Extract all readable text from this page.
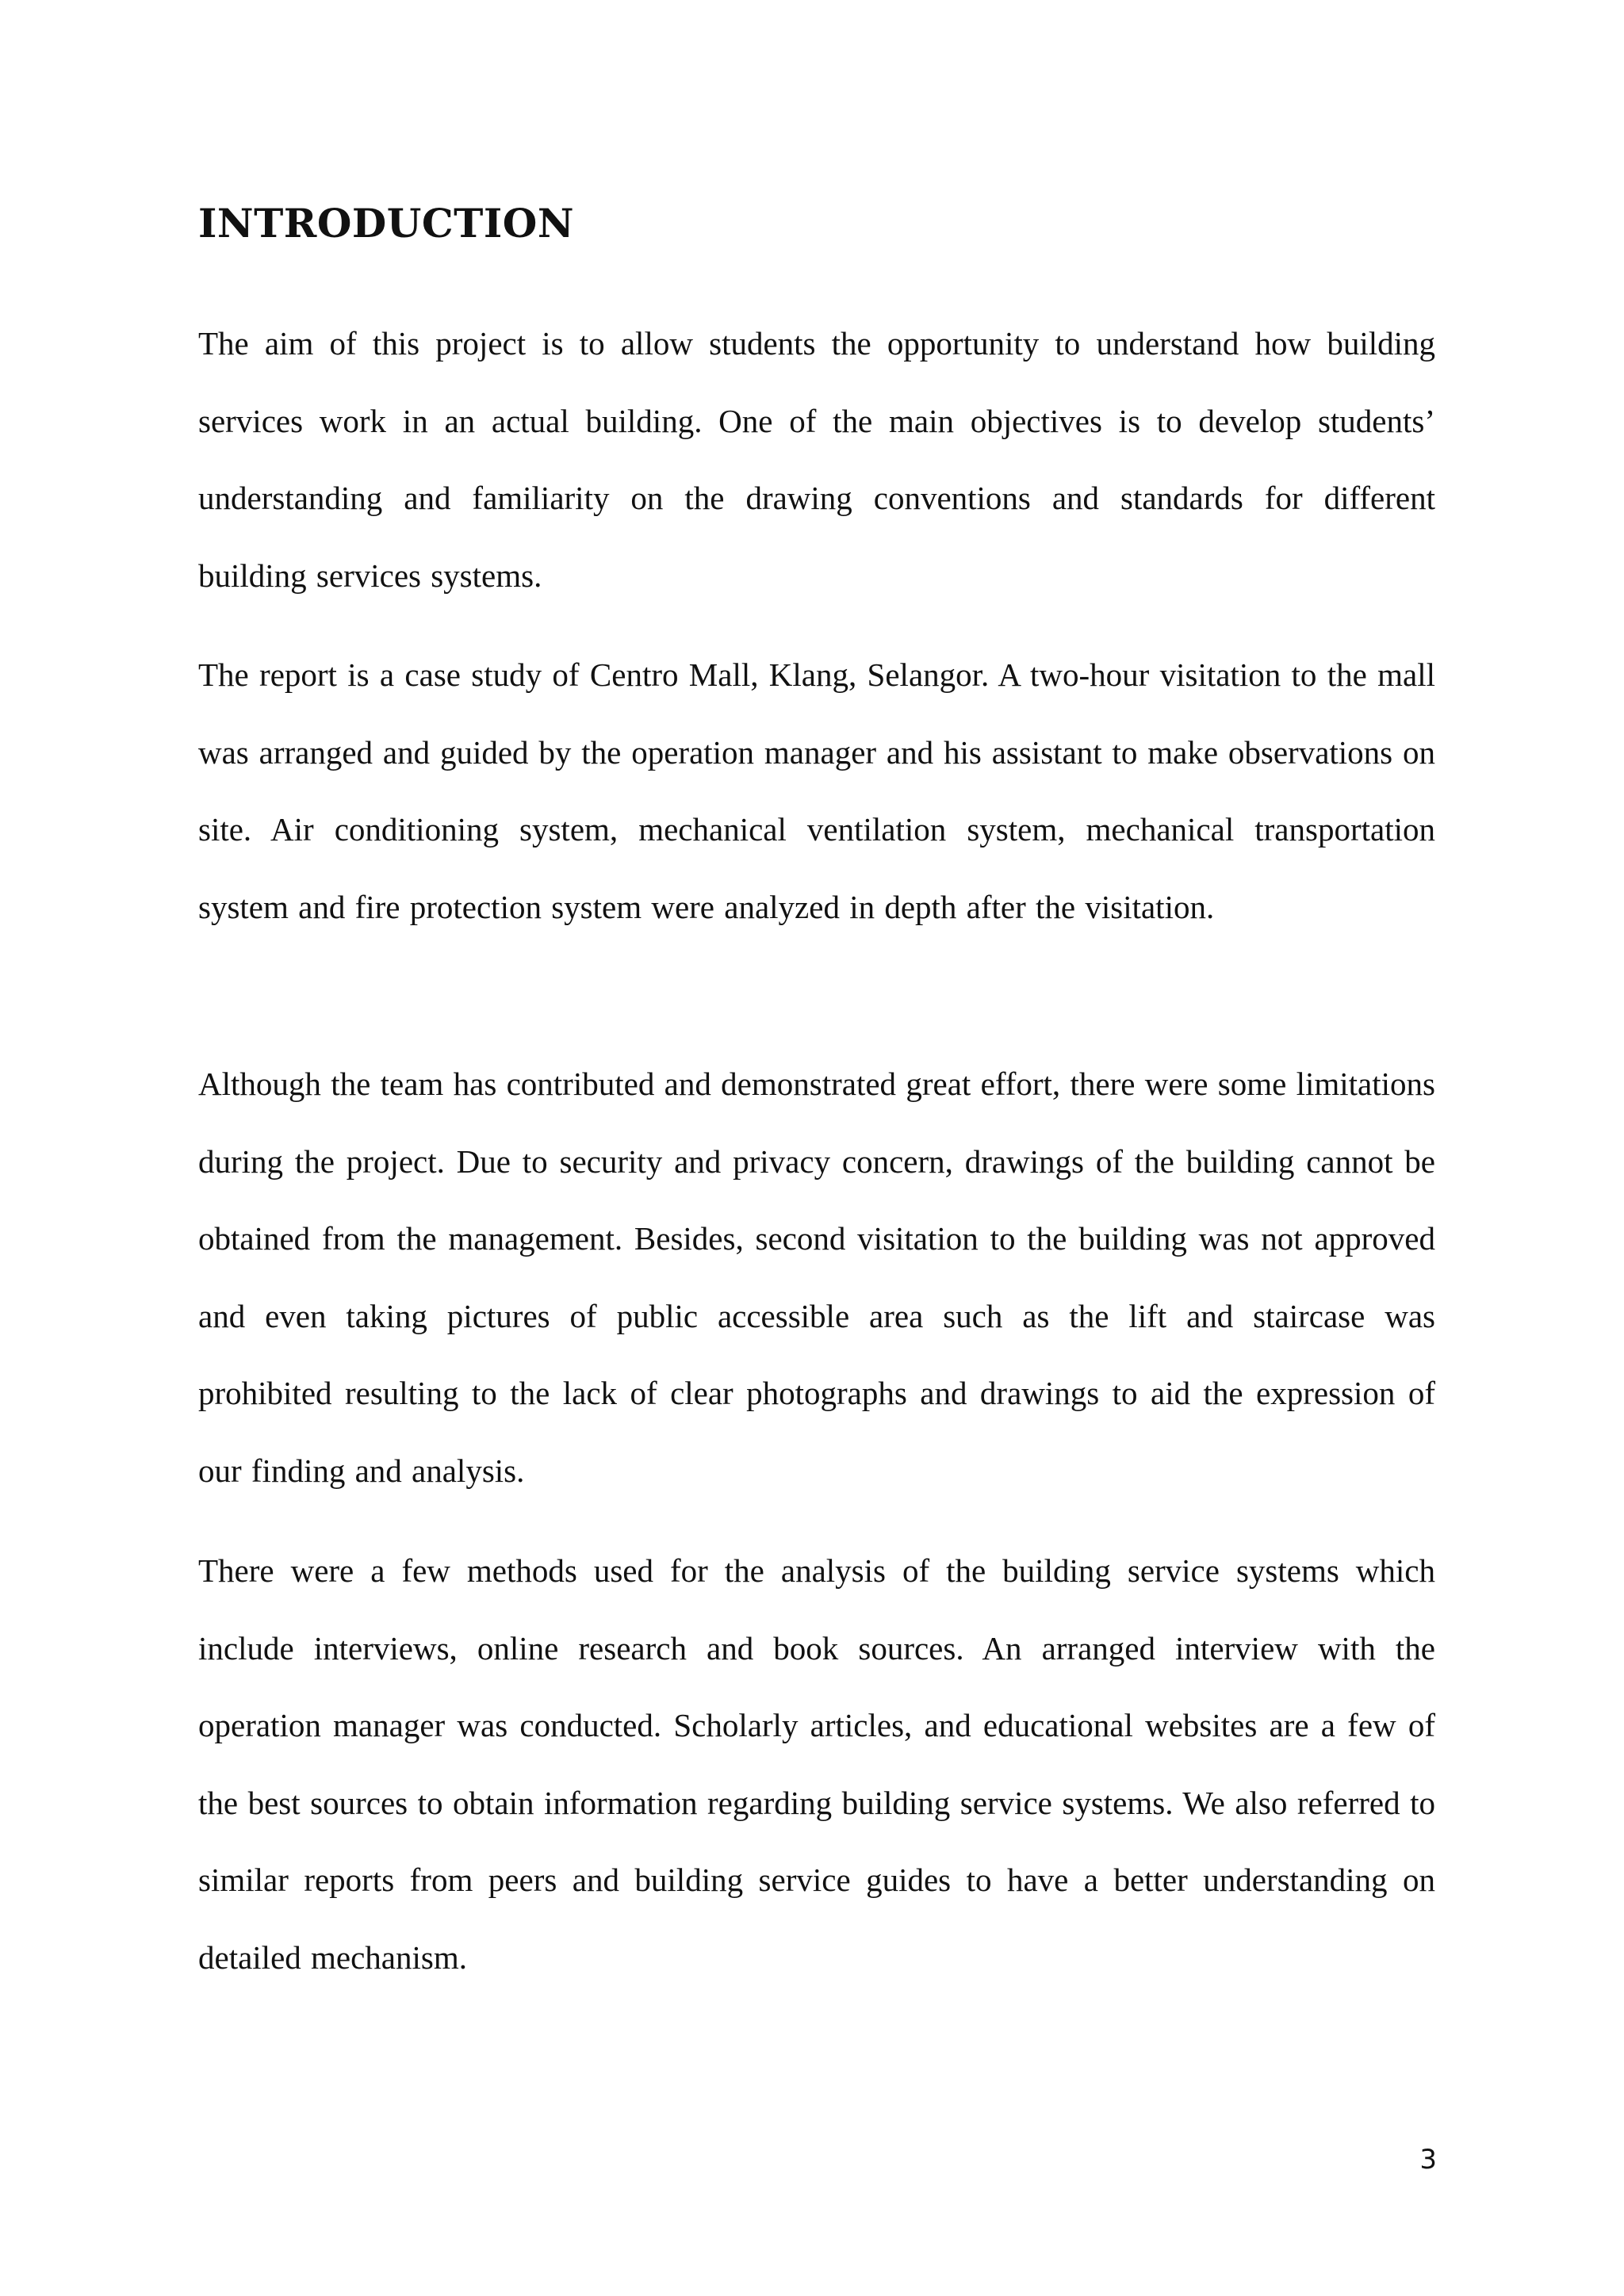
INTRODUCTION

The aim of this project is to allow students the opportunity to understand how building services work in an actual building. One of the main objectives is to develop students’ understanding and familiarity on the drawing conventions and standards for different building services systems.

The report is a case study of Centro Mall, Klang, Selangor. A two-hour visitation to the mall was arranged and guided by the operation manager and his assistant to make observations on site. Air conditioning system, mechanical ventilation system, mechanical transportation system and fire protection system were analyzed in depth after the visitation.

Although the team has contributed and demonstrated great effort, there were some limitations during the project. Due to security and privacy concern, drawings of the building cannot be obtained from the management. Besides, second visitation to the building was not approved and even taking pictures of public accessible area such as the lift and staircase was prohibited resulting to the lack of clear photographs and drawings to aid the expression of our finding and analysis.

There were a few methods used for the analysis of the building service systems which include interviews, online research and book sources. An arranged interview with the operation manager was conducted. Scholarly articles, and educational websites are a few of the best sources to obtain information regarding building service systems. We also referred to similar reports from peers and building service guides to have a better understanding on detailed mechanism.

3
